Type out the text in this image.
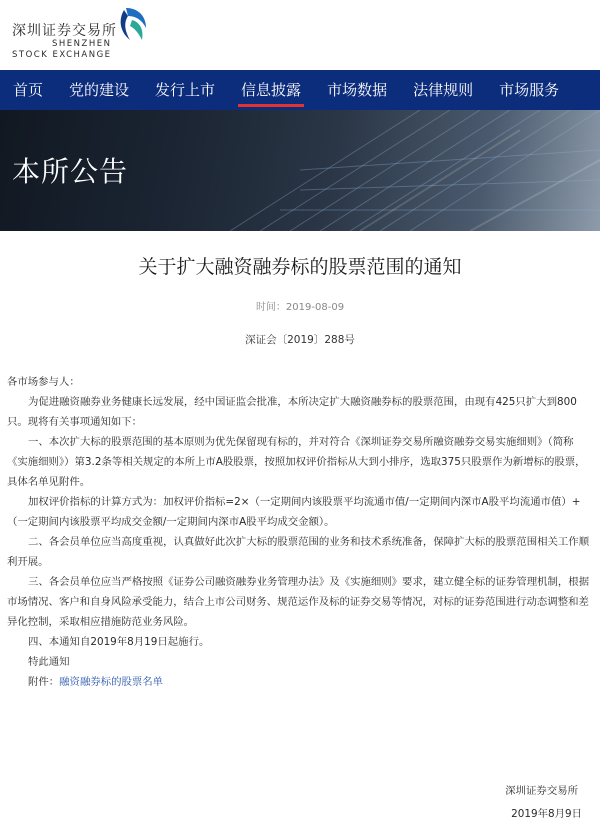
深圳证券交易所
SHENZHEN
STOCK EXCHANGE
首页	党的建设	发行上市	信息披露	市场数据	法律规则	市场服务
本所公告
关于扩大融资融券标的股票范围的通知
时间：2019-08-09
深证会〔2019〕288号

各市场参与人：

为促进融资融券业务健康长远发展，经中国证监会批准，本所决定扩大融资融券标的股票范围，由现有425只扩大到800只。现将有关事项通知如下：

一、本次扩大标的股票范围的基本原则为优先保留现有标的，并对符合《深圳证券交易所融资融券交易实施细则》（简称《实施细则》）第3.2条等相关规定的本所上市A股股票，按照加权评价指标从大到小排序，选取375只股票作为新增标的股票，具体名单见附件。

加权评价指标的计算方式为：加权评价指标=2×（一定期间内该股票平均流通市值/一定期间内深市A股平均流通市值）+（一定期间内该股票平均成交金额/一定期间内深市A股平均成交金额）。

二、各会员单位应当高度重视，认真做好此次扩大标的股票范围的业务和技术系统准备，保障扩大标的股票范围相关工作顺利开展。

三、各会员单位应当严格按照《证券公司融资融券业务管理办法》及《实施细则》要求，建立健全标的证券管理机制，根据市场情况、客户和自身风险承受能力，结合上市公司财务、规范运作及标的证券交易等情况，对标的证券范围进行动态调整和差异化控制，采取相应措施防范业务风险。

四、本通知自2019年8月19日起施行。

特此通知

附件：融资融券标的股票名单

深圳证券交易所
2019年8月9日
